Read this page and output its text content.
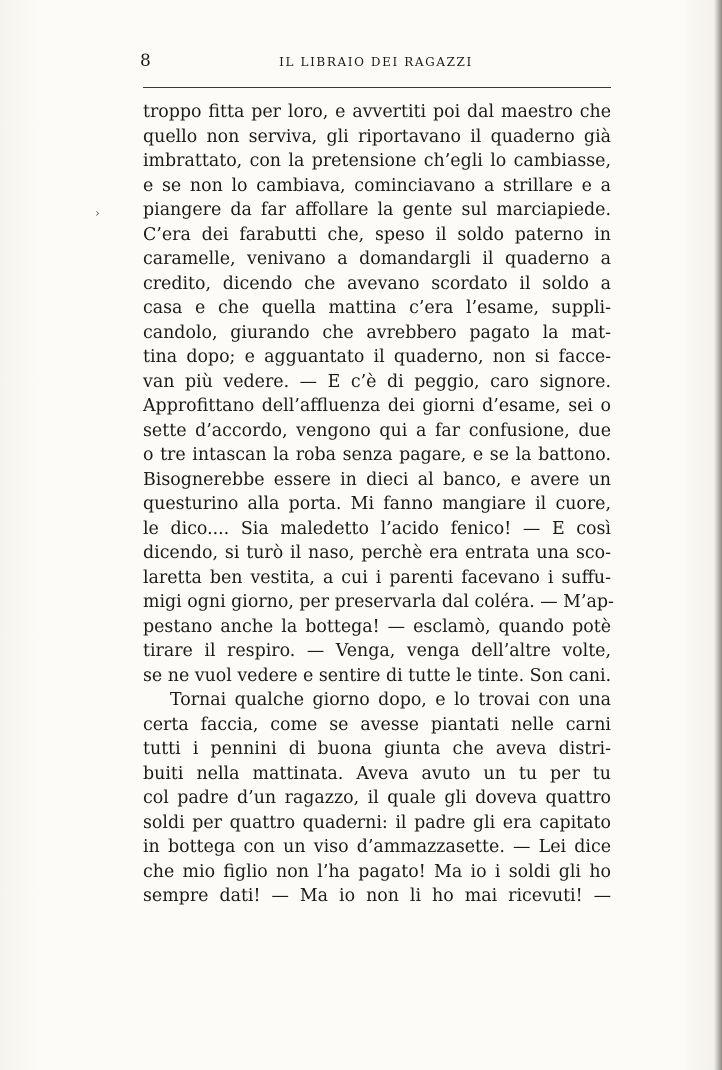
8	IL LIBRAIO DEI RAGAZZI
›
troppo fitta per loro, e avvertiti poi dal maestro che
quello non serviva, gli riportavano il quaderno già
imbrattato, con la pretensione ch’egli lo cambiasse,
e se non lo cambiava, cominciavano a strillare e a
piangere da far affollare la gente sul marciapiede.
C’era dei farabutti che, speso il soldo paterno in
caramelle, venivano a domandargli il quaderno a
credito, dicendo che avevano scordato il soldo a
casa e che quella mattina c’era l’esame, suppli-
candolo, giurando che avrebbero pagato la mat-
tina dopo; e agguantato il quaderno, non si facce-
van più vedere. — E c’è di peggio, caro signore.
Approfittano dell’affluenza dei giorni d’esame, sei o
sette d’accordo, vengono qui a far confusione, due
o tre intascan la roba senza pagare, e se la battono.
Bisognerebbe essere in dieci al banco, e avere un
questurino alla porta. Mi fanno mangiare il cuore,
le dico.... Sia maledetto l’acido fenico! — E così
dicendo, si turò il naso, perchè era entrata una sco-
laretta ben vestita, a cui i parenti facevano i suffu-
migi ogni giorno, per preservarla dal coléra. — M’ap-
pestano anche la bottega! — esclamò, quando potè
tirare il respiro. — Venga, venga dell’altre volte,
se ne vuol vedere e sentire di tutte le tinte. Son cani.
Tornai qualche giorno dopo, e lo trovai con una
certa faccia, come se avesse piantati nelle carni
tutti i pennini di buona giunta che aveva distri-
buiti nella mattinata. Aveva avuto un tu per tu
col padre d’un ragazzo, il quale gli doveva quattro
soldi per quattro quaderni: il padre gli era capitato
in bottega con un viso d’ammazzasette. — Lei dice
che mio figlio non l’ha pagato! Ma io i soldi gli ho
sempre dati! — Ma io non li ho mai ricevuti! —
